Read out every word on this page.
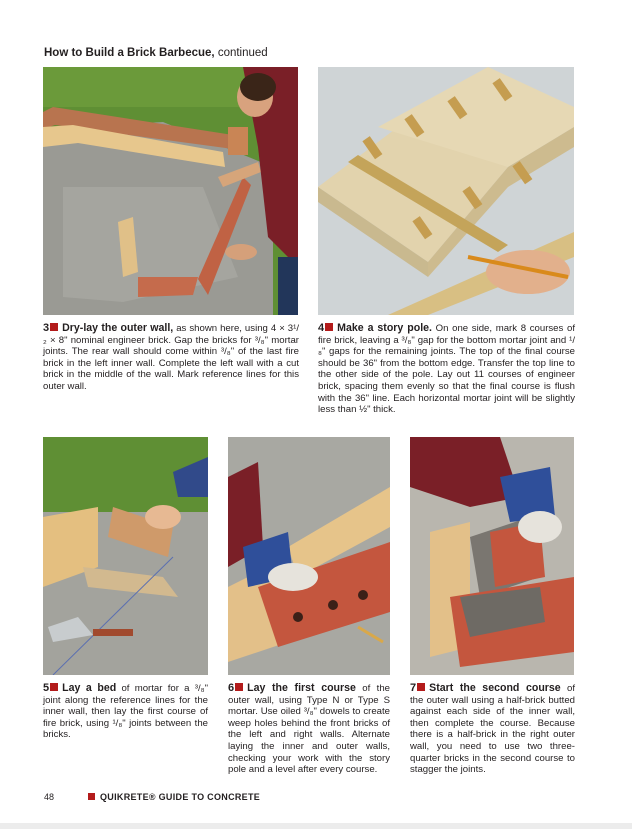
How to Build a Brick Barbecue, continued
3 Dry-lay the outer wall, as shown here, using 4 × 3¹/₂ × 8" nominal engineer brick. Gap the bricks for ³/₈" mortar joints. The rear wall should come within ³/₈" of the last fire brick in the left inner wall. Complete the left wall with a cut brick in the middle of the wall. Mark reference lines for this outer wall.
4 Make a story pole. On one side, mark 8 courses of fire brick, leaving a ³/₈" gap for the bottom mortar joint and ¹/₈" gaps for the remaining joints. The top of the final course should be 36" from the bottom edge. Transfer the top line to the other side of the pole. Lay out 11 courses of engineer brick, spacing them evenly so that the final course is flush with the 36" line. Each horizontal mortar joint will be slightly less than ½" thick.
5 Lay a bed of mortar for a ³/₈" joint along the reference lines for the inner wall, then lay the first course of fire brick, using ¹/₈" joints between the bricks.
6 Lay the first course of the outer wall, using Type N or Type S mortar. Use oiled ³/₈" dowels to create weep holes behind the front bricks of the left and right walls. Alternate laying the inner and outer walls, checking your work with the story pole and a level after every course.
7 Start the second course of the outer wall using a half-brick butted against each side of the inner wall, then complete the course. Because there is a half-brick in the right outer wall, you need to use two three-quarter bricks in the second course to stagger the joints.
48	QUIKRETE® GUIDE TO CONCRETE
